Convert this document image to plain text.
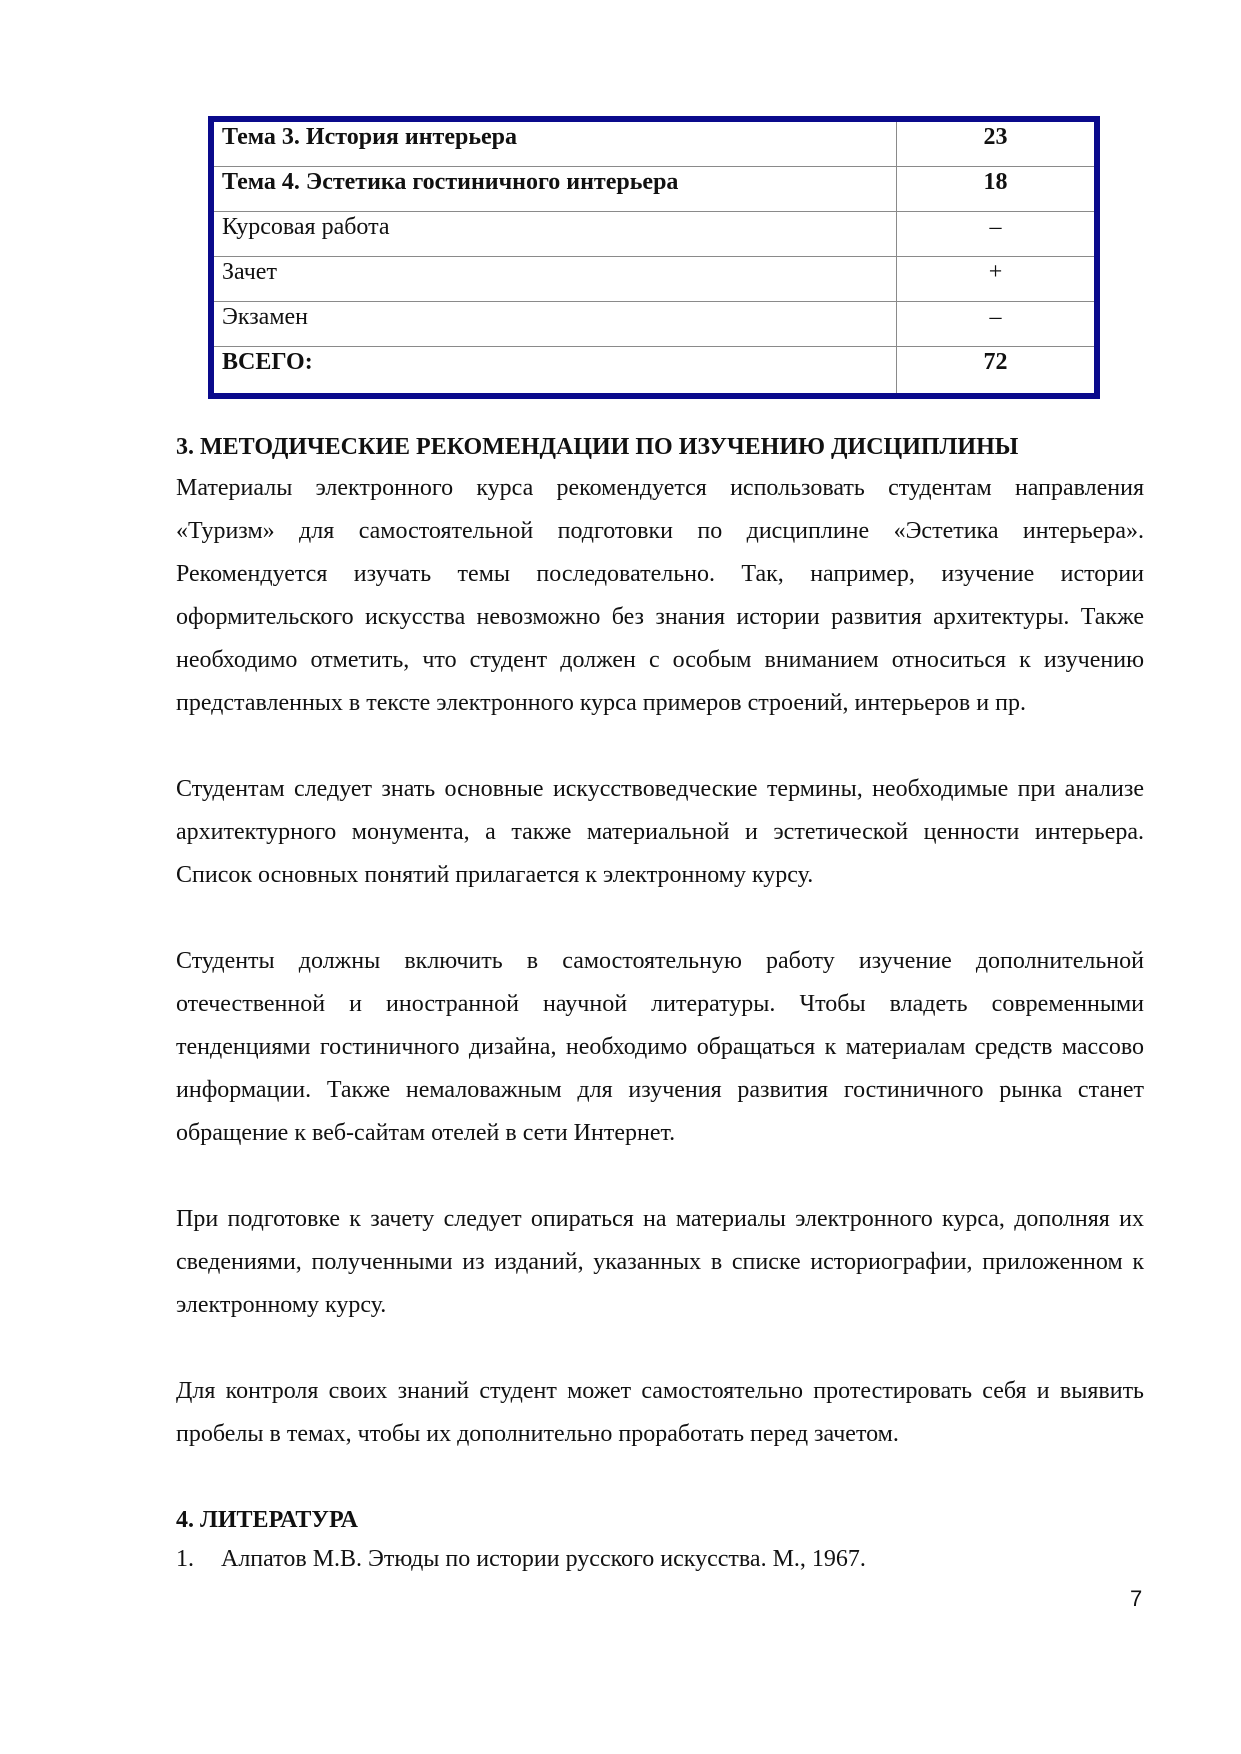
Тема 3. История интерьера	23
Тема 4. Эстетика гостиничного интерьера	18
Курсовая работа	–
Зачет	+
Экзамен	–
ВСЕГО:	72
3. МЕТОДИЧЕСКИЕ РЕКОМЕНДАЦИИ ПО ИЗУЧЕНИЮ ДИСЦИПЛИНЫ

Материалы электронного курса рекомендуется использовать студентам направления «Туризм» для самостоятельной подготовки по дисциплине «Эстетика интерьера». Рекомендуется изучать темы последовательно. Так, например, изучение истории оформительского искусства невозможно без знания истории развития архитектуры. Также необходимо отметить, что студент должен с особым вниманием относиться к изучению представленных в тексте электронного курса примеров строений, интерьеров и пр.

Студентам следует знать основные искусствоведческие термины, необходимые при анализе архитектурного монумента, а также материальной и эстетической ценности интерьера. Список основных понятий прилагается к электронному курсу.

Студенты должны включить в самостоятельную работу изучение дополнительной отечественной и иностранной научной литературы. Чтобы владеть современными тенденциями гостиничного дизайна, необходимо обращаться к материалам средств массово информации. Также немаловажным для изучения развития гостиничного рынка станет обращение к веб-сайтам отелей в сети Интернет.

При подготовке к зачету следует опираться на материалы электронного курса, дополняя их сведениями, полученными из изданий, указанных в списке историографии, приложенном к электронному курсу.

Для контроля своих знаний студент может самостоятельно протестировать себя и выявить пробелы в темах, чтобы их дополнительно проработать перед зачетом.

4. ЛИТЕРАТУРА
1. Алпатов М.В. Этюды по истории русского искусства. М., 1967.
7
